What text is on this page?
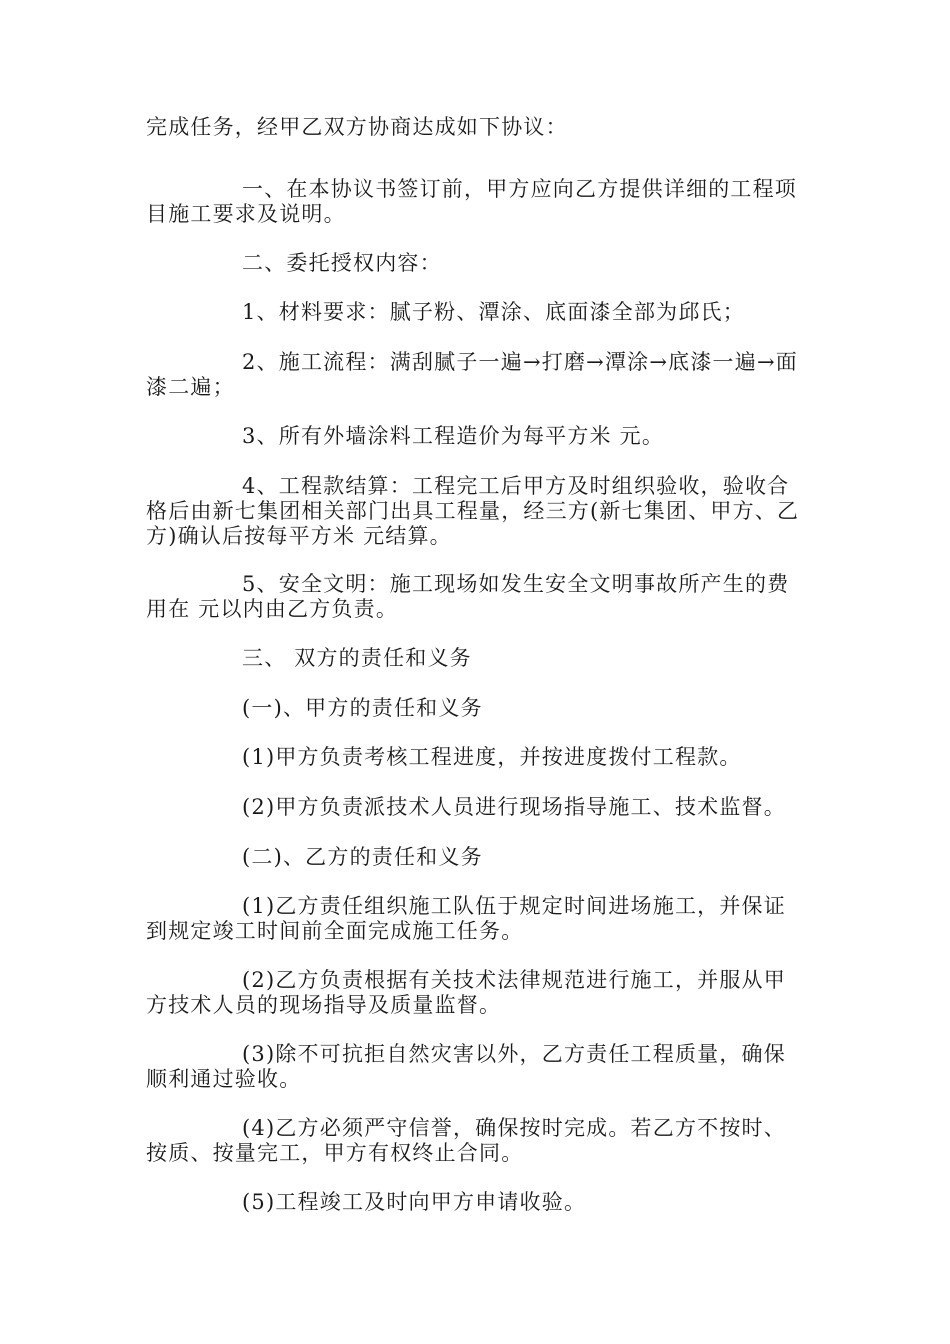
完成任务，经甲乙双方协商达成如下协议：

一、在本协议书签订前，甲方应向乙方提供详细的工程项目施工要求及说明。

二、委托授权内容：

1、材料要求：腻子粉、潭涂、底面漆全部为邱氏；

2、施工流程：满刮腻子一遍→打磨→潭涂→底漆一遍→面漆二遍；

3、所有外墙涂料工程造价为每平方米 元。

4、工程款结算：工程完工后甲方及时组织验收，验收合格后由新七集团相关部门出具工程量，经三方(新七集团、甲方、乙方)确认后按每平方米 元结算。

5、安全文明：施工现场如发生安全文明事故所产生的费用在 元以内由乙方负责。

三、 双方的责任和义务

(一)、甲方的责任和义务

(1)甲方负责考核工程进度，并按进度拨付工程款。

(2)甲方负责派技术人员进行现场指导施工、技术监督。

(二)、乙方的责任和义务

(1)乙方责任组织施工队伍于规定时间进场施工，并保证到规定竣工时间前全面完成施工任务。

(2)乙方负责根据有关技术法律规范进行施工，并服从甲方技术人员的现场指导及质量监督。

(3)除不可抗拒自然灾害以外，乙方责任工程质量，确保顺利通过验收。

(4)乙方必须严守信誉，确保按时完成。若乙方不按时、按质、按量完工，甲方有权终止合同。

(5)工程竣工及时向甲方申请收验。
